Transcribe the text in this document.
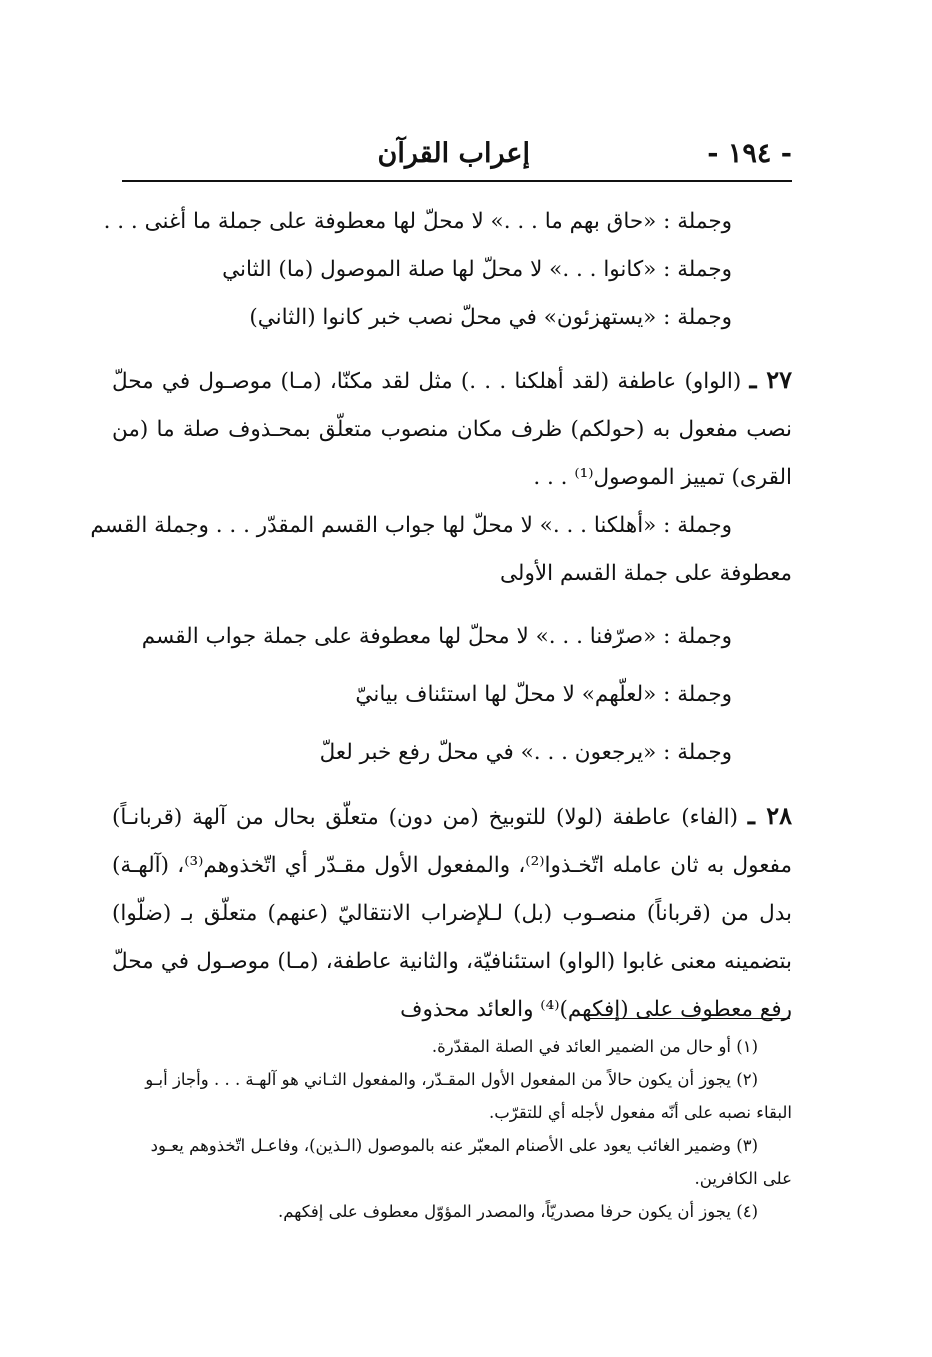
- ١٩٤ -
إعراب القرآن
وجملة : «حاق بهم ما . . .» لا محلّ لها معطوفة على جملة ما أغنى . . .
وجملة : «كانوا . . .» لا محلّ لها صلة الموصول (ما) الثاني
وجملة : «يستهزئون» في محلّ نصب خبر كانوا (الثاني)
٢٧ ـ (الواو) عاطفة (لقد أهلكنا . . .) مثل لقد مكنّا، (مـا) موصـول في محلّ
نصب مفعول به (حولكم) ظرف مكان منصوب متعلّق بمحـذوف صلة ما (من
القرى) تمييز الموصول⁽¹⁾ . . .
وجملة : «أهلكنا . . .» لا محلّ لها جواب القسم المقدّر . . . وجملة القسم
معطوفة على جملة القسم الأولى
وجملة : «صرّفنا . . .» لا محلّ لها معطوفة على جملة جواب القسم
وجملة : «لعلّهم» لا محلّ لها استئناف بيانيّ
وجملة : «يرجعون . . .» في محلّ رفع خبر لعلّ
٢٨ ـ (الفاء) عاطفة (لولا) للتوبيخ (من دون) متعلّق بحال من آلهة (قربانـاً)
مفعول به ثان عامله اتّخـذوا⁽²⁾، والمفعول الأول مقـدّر أي اتّخذوهم⁽³⁾، (آلهـة)
بدل من (قرباناً) منصـوب (بل) لـلإضراب الانتقاليّ (عنهم) متعلّق بـ (ضلّوا)
بتضمينه معنى غابوا (الواو) استئنافيّة، والثانية عاطفة، (مـا) موصـول في محلّ
رفع معطوف على (إفكهم)⁽⁴⁾ والعائد محذوف
(١) أو حال من الضمير العائد في الصلة المقدّرة.
(٢) يجوز أن يكون حالاً من المفعول الأول المقـدّر، والمفعول الثـاني هو آلهـة . . . وأجاز أبـو
البقاء نصبه على أنّه مفعول لأجله أي للتقرّب.
(٣) وضمير الغائب يعود على الأصنام المعبّر عنه بالموصول (الـذين)، وفاعـل اتّخذوهم يعـود
على الكافرين.
(٤) يجوز أن يكون حرفا مصدريّاً، والمصدر المؤوّل معطوف على إفكهم.
